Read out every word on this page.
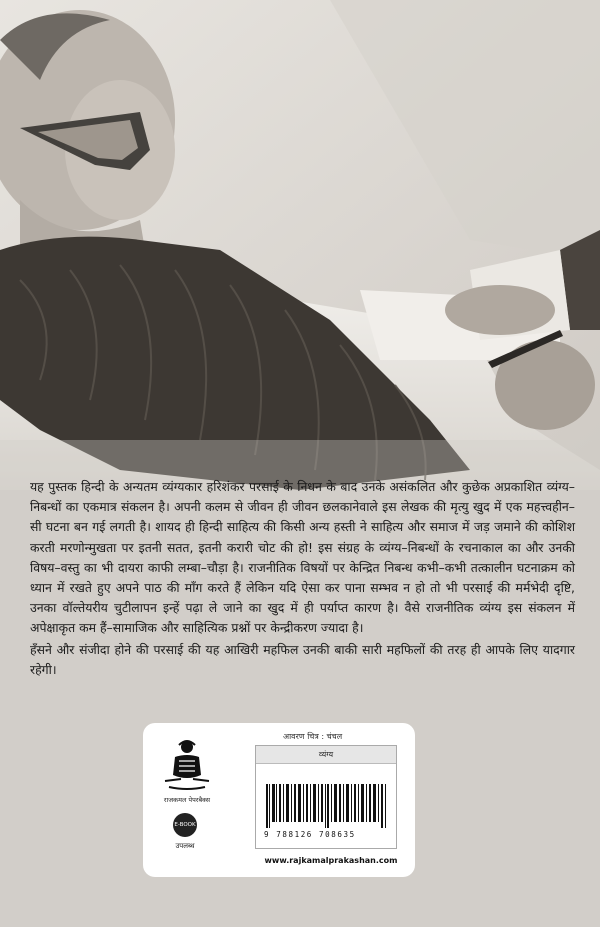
यह पुस्तक हिन्दी के अन्यतम व्यंग्यकार हरिशंकर परसाई के निधन के बाद उनके असंकलित और कुछेक अप्रकाशित व्यंग्य–निबन्धों का एकमात्र संकलन है। अपनी कलम से जीवन ही जीवन छलकानेवाले इस लेखक की मृत्यु खुद में एक महत्त्वहीन–सी घटना बन गई लगती है। शायद ही हिन्दी साहित्य की किसी अन्य हस्ती ने साहित्य और समाज में जड़ जमाने की कोशिश करती मरणोन्मुखता पर इतनी सतत, इतनी करारी चोट की हो! इस संग्रह के व्यंग्य–निबन्धों के रचनाकाल का और उनकी विषय–वस्तु का भी दायरा काफी लम्बा–चौड़ा है। राजनीतिक विषयों पर केन्द्रित निबन्ध कभी–कभी तत्कालीन घटनाक्रम को ध्यान में रखते हुए अपने पाठ की माँग करते हैं लेकिन यदि ऐसा कर पाना सम्भव न हो तो भी परसाई की मर्मभेदी दृष्टि, उनका वॉल्तेयरीय चुटीलापन इन्हें पढ़ा ले जाने का खुद में ही पर्याप्त कारण है। वैसे राजनीतिक व्यंग्य इस संकलन में अपेक्षाकृत कम हैं–सामाजिक और साहित्यिक प्रश्नों पर केन्द्रीकरण ज्यादा है।

हँसने और संजीदा होने की परसाई की यह आखिरी महफिल उनकी बाकी सारी महफिलों की तरह ही आपके लिए यादगार रहेगी।

राजकमल पेपरबैक्स
E-BOOK
उपलब्ध
आवरण चित्र : चंचल
व्यंग्य
9 788126 708635
www.rajkamalprakashan.com
